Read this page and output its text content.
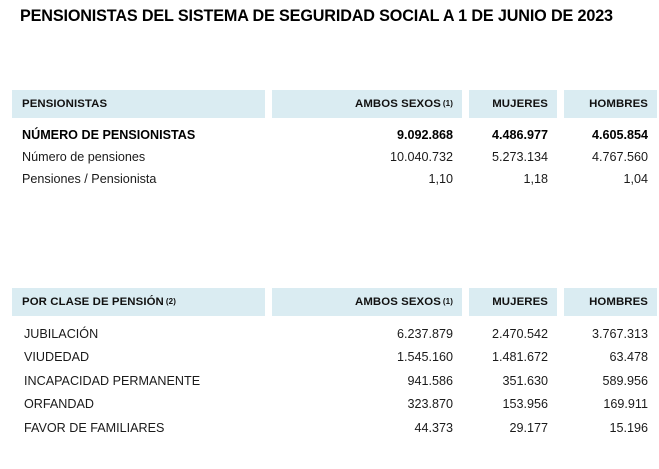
PENSIONISTAS DEL SISTEMA DE SEGURIDAD SOCIAL A 1 DE JUNIO DE 2023
PENSIONISTAS	AMBOS SEXOS (1)	MUJERES	HOMBRES
NÚMERO DE PENSIONISTAS	9.092.868	4.486.977	4.605.854
Número de pensiones	10.040.732	5.273.134	4.767.560
Pensiones / Pensionista	1,10	1,18	1,04
POR CLASE DE PENSIÓN (2)	AMBOS SEXOS (1)	MUJERES	HOMBRES
JUBILACIÓN	6.237.879	2.470.542	3.767.313
VIUDEDAD	1.545.160	1.481.672	63.478
INCAPACIDAD PERMANENTE	941.586	351.630	589.956
ORFANDAD	323.870	153.956	169.911
FAVOR DE FAMILIARES	44.373	29.177	15.196
